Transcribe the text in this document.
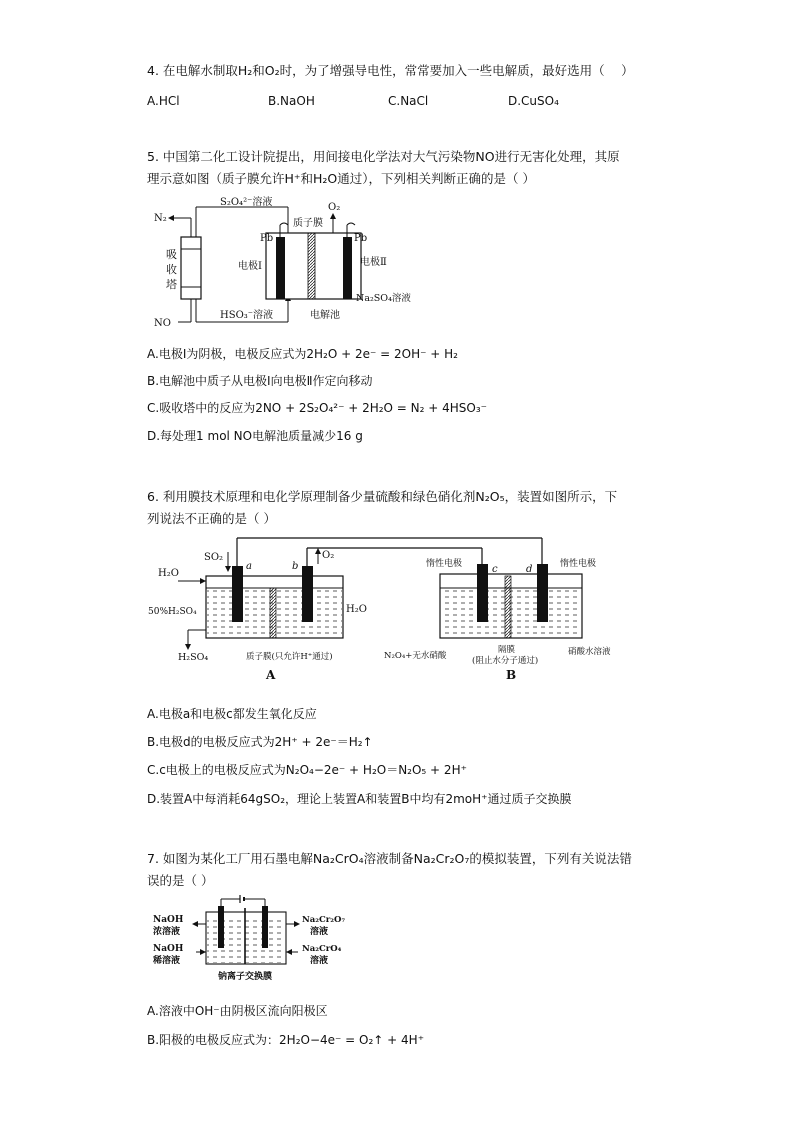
4. 在电解水制取H₂和O₂时，为了增强导电性，常常要加入一些电解质，最好选用（　 ）
A.HCl	B.NaOH	C.NaCl	D.CuSO₄
5. 中国第二化工设计院提出，用间接电化学法对大气污染物NO进行无害化处理，其原
理示意如图（质子膜允许H⁺和H₂O通过），下列相关判断正确的是（ ）
N₂
NO
吸
收
塔
S₂O₄²⁻溶液
HSO₃⁻溶液
质子膜
O₂
Pb	Pb
电极Ⅰ	电极Ⅱ
Na₂SO₄溶液
电解池
A.电极Ⅰ为阴极，电极反应式为2H₂O + 2e⁻ = 2OH⁻ + H₂
B.电解池中质子从电极Ⅰ向电极Ⅱ作定向移动
C.吸收塔中的反应为2NO + 2S₂O₄²⁻ + 2H₂O = N₂ + 4HSO₃⁻
D.每处理1 mol NO电解池质量减少16 g
6. 利用膜技术原理和电化学原理制备少量硫酸和绿色硝化剂N₂O₅，装置如图所示，下
列说法不正确的是（ ）
SO₂	O₂
H₂O
50%H₂SO₄	H₂O
H₂SO₄
a	b
质子膜(只允许H⁺通过)
A
惰性电极	惰性电极
c	d
N₂O₄+无水硝酸
隔膜
(阻止水分子通过)
硝酸水溶液
B
A.电极a和电极c都发生氧化反应
B.电极d的电极反应式为2H⁺ + 2e⁻＝H₂↑
C.c电极上的电极反应式为N₂O₄−2e⁻ + H₂O＝N₂O₅ + 2H⁺
D.装置A中每消耗64gSO₂，理论上装置A和装置B中均有2moH⁺通过质子交换膜
7. 如图为某化工厂用石墨电解Na₂CrO₄溶液制备Na₂Cr₂O₇的模拟装置，下列有关说法错
误的是（ ）
NaOH
浓溶液
NaOH
稀溶液
Na₂Cr₂O₇
溶液
Na₂CrO₄
溶液
钠离子交换膜
A.溶液中OH⁻由阴极区流向阳极区
B.阳极的电极反应式为：2H₂O−4e⁻ = O₂↑ + 4H⁺
